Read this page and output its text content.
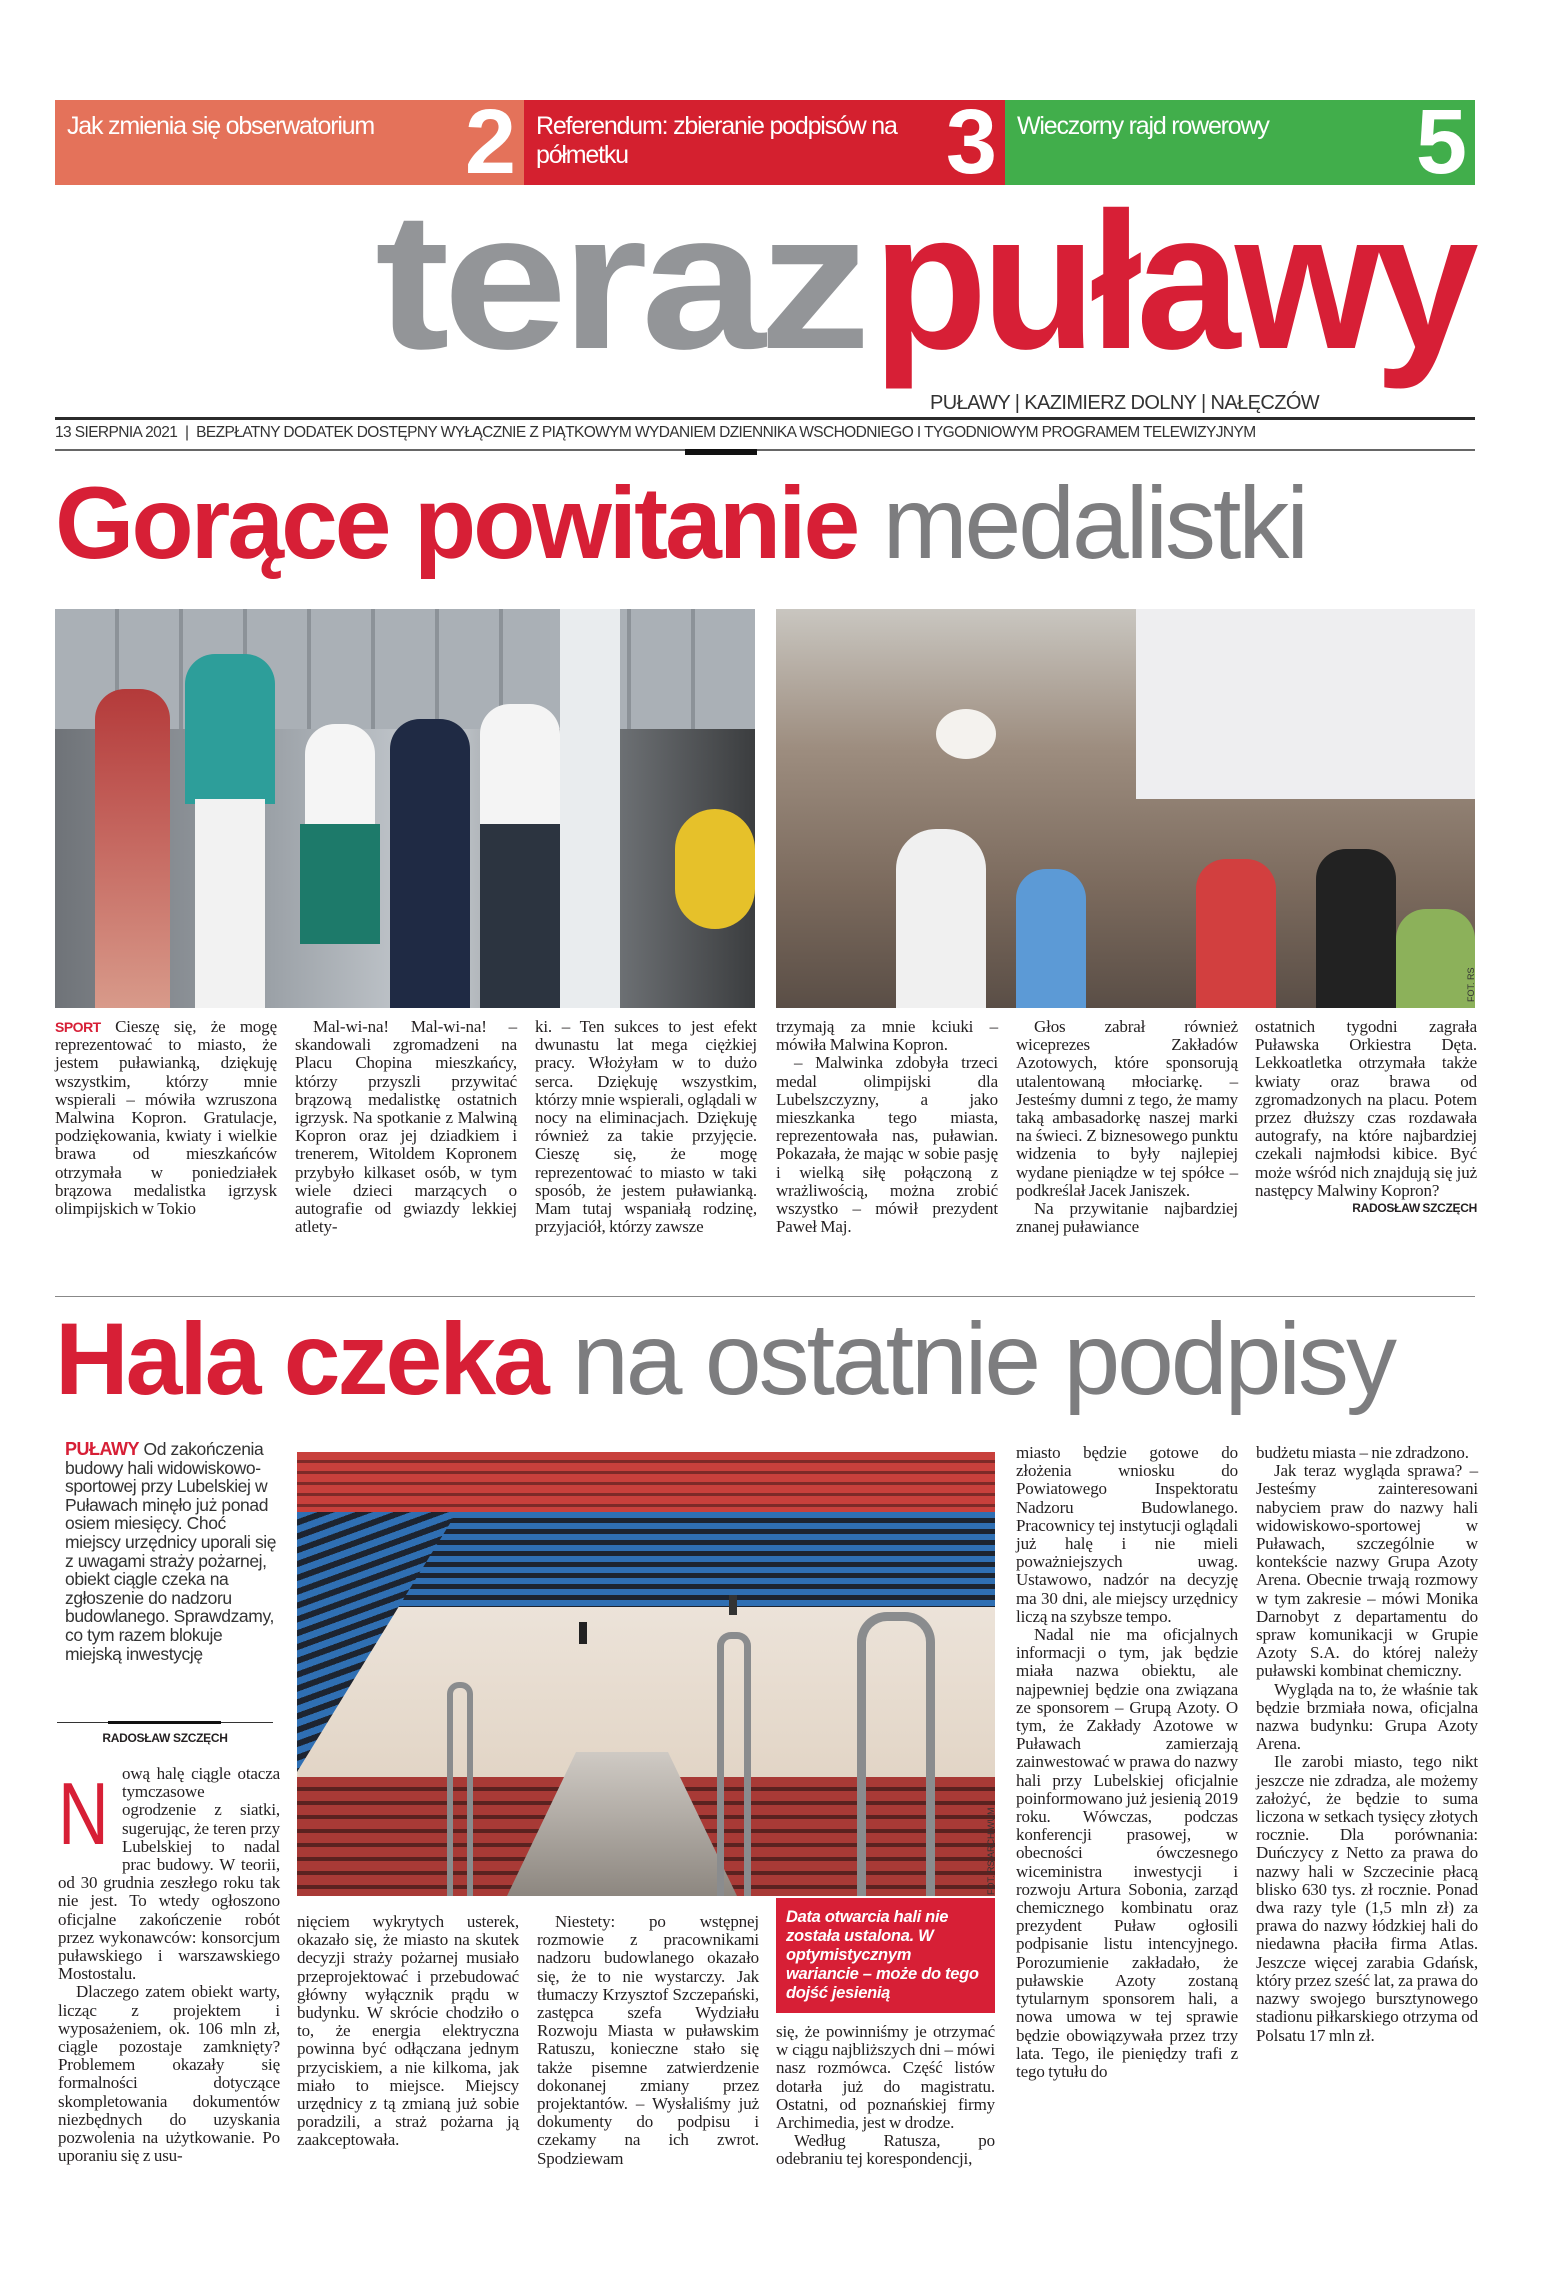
Jak zmienia się obserwatorium 2 Referendum: zbieranie podpisów na półmetku	3 Wieczorny rajd rowerowy 5
terazpuławy
PUŁAWY | KAZIMIERZ DOLNY | NAŁĘCZÓW
13 SIERPNIA 2021 | BEZPŁATNY DODATEK DOSTĘPNY WYŁĄCZNIE Z PIĄTKOWYM WYDANIEM DZIENNIKA WSCHODNIEGO I TYGODNIOWYM PROGRAMEM TELEWIZYJNYM
Gorące powitanie medalistki
FOT. RS

SPORT Cieszę się, że mogę reprezentować to miasto, że jestem puławianką, dziękuję wszystkim, którzy mnie wspierali – mówiła wzruszona Malwina Kopron. Gratulacje, podziękowania, kwiaty i wielkie brawa od mieszkańców otrzymała w poniedziałek brązowa medalistka igrzysk olimpijskich w Tokio

Mal-wi-na! Mal-wi-na! – skandowali zgromadzeni na Placu Chopina mieszkańcy, którzy przyszli przywitać brązową medalistkę ostatnich igrzysk. Na spotkanie z Malwiną Kopron oraz jej dziadkiem i trenerem, Witoldem Kopronem przybyło kilkaset osób, w tym wiele dzieci marzących o autografie od gwiazdy lekkiej atlety-

ki. – Ten sukces to jest efekt dwunastu lat mega ciężkiej pracy. Włożyłam w to dużo serca. Dziękuję wszystkim, którzy mnie wspierali, oglądali w nocy na eliminacjach. Dziękuję również za takie przyjęcie. Cieszę się, że mogę reprezentować to miasto w taki sposób, że jestem puławianką. Mam tutaj wspaniałą rodzinę, przyjaciół, którzy zawsze

trzymają za mnie kciuki – mówiła Malwina Kopron.

– Malwinka zdobyła trzeci medal olimpijski dla Lubelszczyzny, a jako mieszkanka tego miasta, reprezentowała nas, puławian. Pokazała, że mając w sobie pasję i wielką siłę połączoną z wrażliwością, można zrobić wszystko – mówił prezydent Paweł Maj.

Głos zabrał również wiceprezes Zakładów Azotowych, które sponsorują utalentowaną młociarkę. – Jesteśmy dumni z tego, że mamy taką ambasadorkę naszej marki na świeci. Z biznesowego punktu widzenia to były najlepiej wydane pieniądze w tej spółce – podkreślał Jacek Janiszek.

Na przywitanie najbardziej znanej puławiance

ostatnich tygodni zagrała Puławska Orkiestra Dęta. Lekkoatletka otrzymała także kwiaty oraz brawa od zgromadzonych na placu. Potem przez dłuższy czas rozdawała autografy, na które najbardziej czekali najmłodsi kibice. Być może wśród nich znajdują się już następcy Malwiny Kopron?

RADOSŁAW SZCZĘCH
Hala czeka na ostatnie podpisy
PUŁAWY Od zakończenia budowy hali widowiskowo-sportowej przy Lubelskiej w Puławach minęło już ponad osiem miesięcy. Choć miejscy urzędnicy uporali się z uwagami straży pożarnej, obiekt ciągle czeka na zgłoszenie do nadzoru budowlanego. Sprawdzamy, co tym razem blokuje miejską inwestycję
RADOSŁAW SZCZĘCH

Nową halę ciągle otacza tymczasowe ogrodzenie z siatki, sugerując, że teren przy Lubelskiej to nadal prac budowy. W teorii, od 30 grudnia zeszłego roku tak nie jest. To wtedy ogłoszono oficjalne zakończenie robót przez wykonawców: konsorcjum puławskiego i warszawskiego Mostostalu.

Dlaczego zatem obiekt warty, licząc z projektem i wyposażeniem, ok. 106 mln zł, ciągle pozostaje zamknięty? Problemem okazały się formalności dotyczące skompletowania dokumentów niezbędnych do uzyskania pozwolenia na użytkowanie. Po uporaniu się z usu-

FOT. RS/ARCHIWUM

nięciem wykrytych usterek, okazało się, że miasto na skutek decyzji straży pożarnej musiało przeprojektować i przebudować główny wyłącznik prądu w budynku. W skrócie chodziło o to, że energia elektryczna powinna być odłączana jednym przyciskiem, a nie kilkoma, jak miało to miejsce. Miejscy urzędnicy z tą zmianą już sobie poradzili, a straż pożarna ją zaakceptowała.

Niestety: po wstępnej rozmowie z pracownikami nadzoru budowlanego okazało się, że to nie wystarczy. Jak tłumaczy Krzysztof Szczepański, zastępca szefa Wydziału Rozwoju Miasta w puławskim Ratuszu, konieczne stało się także pisemne zatwierdzenie dokonanej zmiany przez projektantów. – Wysłaliśmy już dokumenty do podpisu i czekamy na ich zwrot. Spodziewam

Data otwarcia hali nie została ustalona. W optymistycznym wariancie – może do tego dojść jesienią

się, że powinniśmy je otrzymać w ciągu najbliższych dni – mówi nasz rozmówca. Część listów dotarła już do magistratu. Ostatni, od poznańskiej firmy Archimedia, jest w drodze.

Według Ratusza, po odebraniu tej korespondencji,

miasto będzie gotowe do złożenia wniosku do Powiatowego Inspektoratu Nadzoru Budowlanego. Pracownicy tej instytucji oglądali już halę i nie mieli poważniejszych uwag. Ustawowo, nadzór na decyzję ma 30 dni, ale miejscy urzędnicy liczą na szybsze tempo.

Nadal nie ma oficjalnych informacji o tym, jak będzie miała nazwa obiektu, ale najpewniej będzie ona związana ze sponsorem – Grupą Azoty. O tym, że Zakłady Azotowe w Puławach zamierzają zainwestować w prawa do nazwy hali przy Lubelskiej oficjalnie poinformowano już jesienią 2019 roku. Wówczas, podczas konferencji prasowej, w obecności ówczesnego wiceministra inwestycji i rozwoju Artura Sobonia, zarząd chemicznego kombinatu oraz prezydent Puław ogłosili podpisanie listu intencyjnego. Porozumienie zakładało, że puławskie Azoty zostaną tytularnym sponsorem hali, a nowa umowa w tej sprawie będzie obowiązywała przez trzy lata. Tego, ile pieniędzy trafi z tego tytułu do

budżetu miasta – nie zdradzono.

Jak teraz wygląda sprawa? – Jesteśmy zainteresowani nabyciem praw do nazwy hali widowiskowo-sportowej w Puławach, szczególnie w kontekście nazwy Grupa Azoty Arena. Obecnie trwają rozmowy w tym zakresie – mówi Monika Darnobyt z departamentu do spraw komunikacji w Grupie Azoty S.A. do której należy puławski kombinat chemiczny.

Wygląda na to, że właśnie tak będzie brzmiała nowa, oficjalna nazwa budynku: Grupa Azoty Arena.

Ile zarobi miasto, tego nikt jeszcze nie zdradza, ale możemy założyć, że będzie to suma liczona w setkach tysięcy złotych rocznie. Dla porównania: Duńczycy z Netto za prawa do nazwy hali w Szczecinie płacą blisko 630 tys. zł rocznie. Ponad dwa razy tyle (1,5 mln zł) za prawa do nazwy łódzkiej hali do niedawna płaciła firma Atlas. Jeszcze więcej zarabia Gdańsk, który przez sześć lat, za prawa do nazwy swojego bursztynowego stadionu piłkarskiego otrzyma od Polsatu 17 mln zł.
